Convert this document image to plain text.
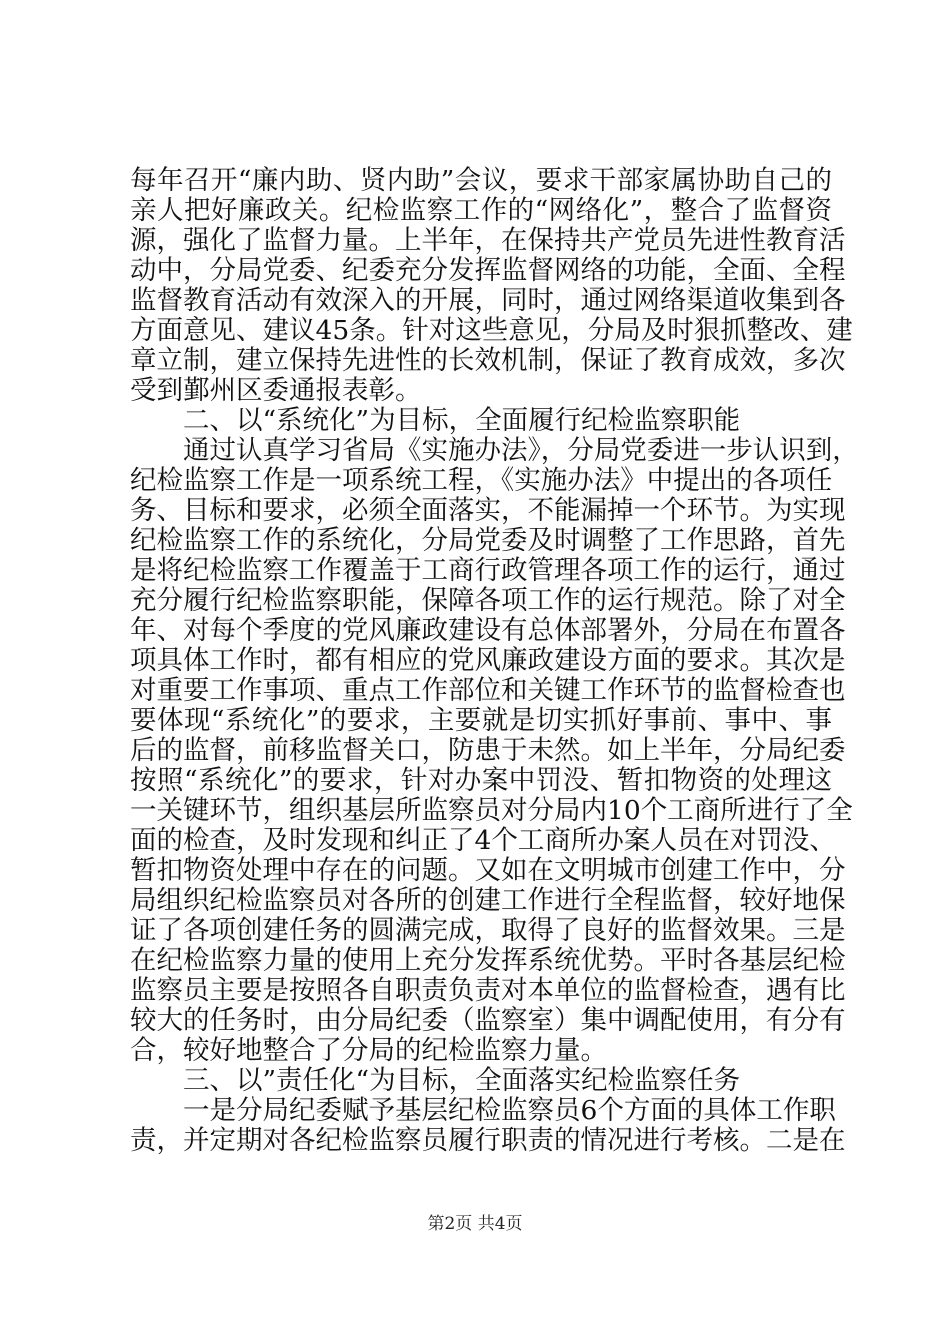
每年召开“廉内助、贤内助”会议，要求干部家属协助自己的
亲人把好廉政关。纪检监察工作的“网络化”，整合了监督资
源，强化了监督力量。上半年，在保持共产党员先进性教育活
动中，分局党委、纪委充分发挥监督网络的功能，全面、全程
监督教育活动有效深入的开展，同时，通过网络渠道收集到各
方面意见、建议45条。针对这些意见，分局及时狠抓整改、建
章立制，建立保持先进性的长效机制，保证了教育成效，多次
受到鄞州区委通报表彰。
二、以“系统化”为目标，全面履行纪检监察职能
通过认真学习省局《实施办法》，分局党委进一步认识到，
纪检监察工作是一项系统工程，《实施办法》中提出的各项任
务、目标和要求，必须全面落实，不能漏掉一个环节。为实现
纪检监察工作的系统化，分局党委及时调整了工作思路，首先
是将纪检监察工作覆盖于工商行政管理各项工作的运行，通过
充分履行纪检监察职能，保障各项工作的运行规范。除了对全
年、对每个季度的党风廉政建设有总体部署外，分局在布置各
项具体工作时，都有相应的党风廉政建设方面的要求。其次是
对重要工作事项、重点工作部位和关键工作环节的监督检查也
要体现“系统化”的要求，主要就是切实抓好事前、事中、事
后的监督，前移监督关口，防患于未然。如上半年，分局纪委
按照“系统化”的要求，针对办案中罚没、暂扣物资的处理这
一关键环节，组织基层所监察员对分局内10个工商所进行了全
面的检查，及时发现和纠正了4个工商所办案人员在对罚没、
暂扣物资处理中存在的问题。又如在文明城市创建工作中，分
局组织纪检监察员对各所的创建工作进行全程监督，较好地保
证了各项创建任务的圆满完成，取得了良好的监督效果。三是
在纪检监察力量的使用上充分发挥系统优势。平时各基层纪检
监察员主要是按照各自职责负责对本单位的监督检查，遇有比
较大的任务时，由分局纪委（监察室）集中调配使用，有分有
合，较好地整合了分局的纪检监察力量。
三、以”责任化“为目标，全面落实纪检监察任务
一是分局纪委赋予基层纪检监察员6个方面的具体工作职
责，并定期对各纪检监察员履行职责的情况进行考核。二是在
第2页 共4页
